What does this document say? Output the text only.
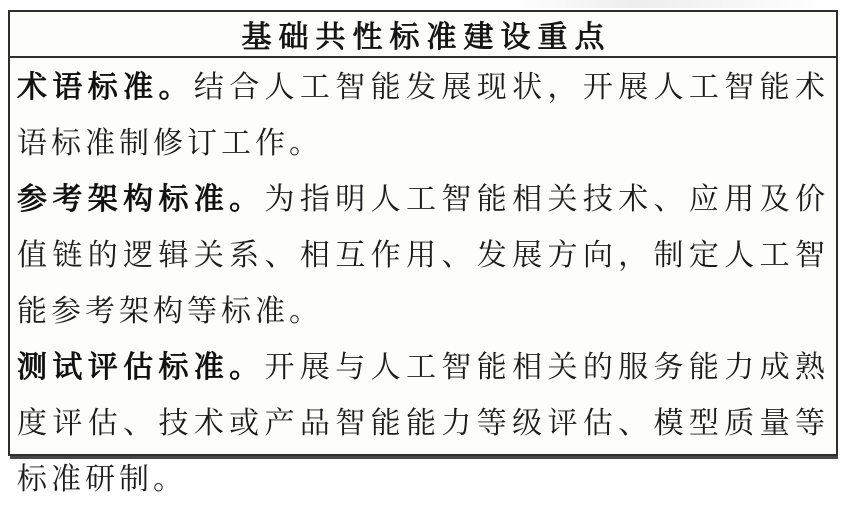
基础共性标准建设重点

术语标准。结合人工智能发展现状，开展人工智能术语标准制修订工作。

参考架构标准。为指明人工智能相关技术、应用及价值链的逻辑关系、相互作用、发展方向，制定人工智能参考架构等标准。

测试评估标准。开展与人工智能相关的服务能力成熟度评估、技术或产品智能能力等级评估、模型质量等标准研制。
